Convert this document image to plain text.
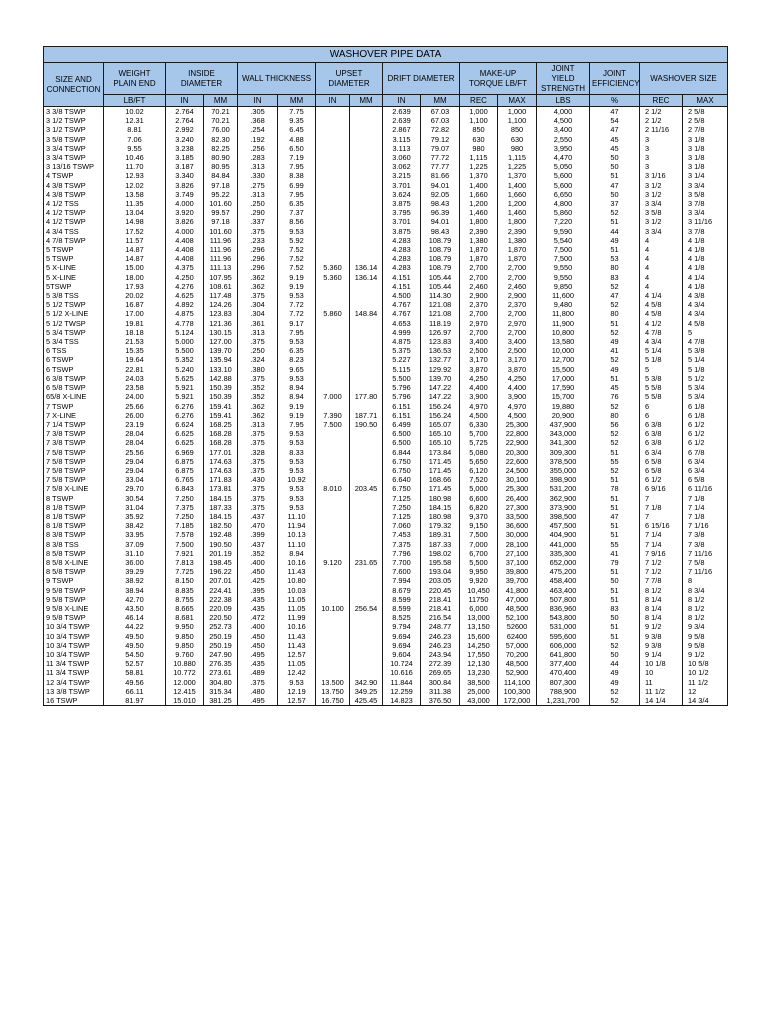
WASHOVER PIPE DATA															
SIZE AND CONNECTION	WEIGHT PLAIN END	INSIDE DIAMETER		WALL THICKNESS		UPSET DIAMETER		DRIFT DIAMETER		MAKE-UP TORQUE LB/FT		JOINT YIELD STRENGTH	JOINT EFFICIENCY	WASHOVER SIZE	
	LB/FT	IN	MM	IN	MM	IN	MM	IN	MM	REC	MAX	LBS	%	REC	MAX
3 3/8 TSWP	10.02	2.764	70.21	.305	7.75			2.639	67.03	1,000	1,000	4,000	47	2 1/2	2 5/8
3 1/2 TSWP	12.31	2.764	70.21	.368	9.35			2.639	67.03	1,100	1,100	4,500	54	2 1/2	2 5/8
3 1/2 TSWP	8.81	2.992	76.00	.254	6.45			2.867	72.82	850	850	3,400	47	2 11/16	2 7/8
3 5/8 TSWP	7.06	3.240	82.30	.192	4.88			3.115	79.12	630	630	2,550	45	3	3 1/8
3 3/4 TSWP	9.55	3.238	82.25	.256	6.50			3.113	79.07	980	980	3,950	45	3	3 1/8
3 3/4 TSWP	10.46	3.185	80.90	.283	7.19			3.060	77.72	1,115	1,115	4,470	50	3	3 1/8
3 13/16 TSWP	11.70	3.187	80.95	.313	7.95			3.062	77.77	1,225	1,225	5,050	50	3	3 1/8
4 TSWP	12.93	3.340	84.84	.330	8.38			3.215	81.66	1,370	1,370	5,600	51	3 1/16	3 1/4
4 3/8 TSWP	12.02	3.826	97.18	.275	6.99			3.701	94.01	1,400	1,400	5,600	47	3 1/2	3 3/4
4 3/8 TSWP	13.58	3.749	95.22	.313	7.95			3.624	92.05	1,660	1,660	6,650	50	3 1/2	3 5/8
4 1/2 TSS	11.35	4.000	101.60	.250	6.35			3.875	98.43	1,200	1,200	4,800	37	3 3/4	3 7/8
4 1/2 TSWP	13.04	3.920	99.57	.290	7.37			3.795	96.39	1,460	1,460	5,860	52	3 5/8	3 3/4
4 1/2 TSWP	14.98	3.826	97.18	.337	8.56			3.701	94.01	1,800	1,800	7,220	51	3 1/2	3 11/16
4 3/4 TSS	17.52	4.000	101.60	.375	9.53			3.875	98.43	2,390	2,390	9,590	44	3 3/4	3 7/8
4 7/8 TSWP	11.57	4.408	111.96	.233	5.92			4.283	108.79	1,380	1,380	5,540	49	4	4 1/8
5 TSWP	14.87	4.408	111.96	.296	7.52			4.283	108.79	1,870	1,870	7,500	51	4	4 1/8
5 TSWP	14.87	4.408	111.96	.296	7.52			4.283	108.79	1,870	1,870	7,500	53	4	4 1/8
5 X-LINE	15.00	4.375	111.13	.296	7.52	5.360	136.14	4.283	108.79	2,700	2,700	9,550	80	4	4 1/8
5 X-LINE	18.00	4.250	107.95	.362	9.19	5.360	136.14	4.151	105.44	2,700	2,700	9,550	83	4	4 1/4
5TSWP	17.93	4.276	108.61	.362	9.19			4.151	105.44	2,460	2,460	9,850	52	4	4 1/8
5 3/8 TSS	20.02	4.625	117.48	.375	9.53			4.500	114.30	2,900	2,900	11,600	47	4 1/4	4 3/8
5 1/2 TSWP	16.87	4.892	124.26	.304	7.72			4.767	121.08	2,370	2,370	9,480	52	4 5/8	4 3/4
5 1/2 X-LINE	17.00	4.875	123.83	.304	7.72	5.860	148.84	4.767	121.08	2,700	2,700	11,800	80	4 5/8	4 3/4
5 1/2 TWSP	19.81	4.778	121.36	.361	9.17			4.653	118.19	2,970	2,970	11,900	51	4 1/2	4 5/8
5 3/4 TSWP	18.18	5.124	130.15	.313	7.95			4.999	126.97	2,700	2,700	10,800	52	4 7/8	5
5 3/4 TSS	21.53	5.000	127.00	.375	9.53			4.875	123.83	3,400	3,400	13,580	49	4 3/4	4 7/8
6 TSS	15.35	5.500	139.70	.250	6.35			5.375	136.53	2,500	2,500	10,000	41	5 1/4	5 3/8
6 TSWP	19.64	5.352	135.94	.324	8.23			5.227	132.77	3,170	3,170	12,700	52	5 1/8	5 1/4
6 TSWP	22.81	5.240	133.10	.380	9.65			5.115	129.92	3,870	3,870	15,500	49	5	5 1/8
6 3/8 TSWP	24.03	5.625	142.88	.375	9.53			5.500	139.70	4,250	4,250	17,000	51	5 3/8	5 1/2
6 5/8 TSWP	23.58	5.921	150.39	.352	8.94			5.796	147.22	4,400	4,400	17,590	45	5 5/8	5 3/4
65/8 X-LINE	24.00	5.921	150.39	.352	8.94	7.000	177.80	5.796	147.22	3,900	3,900	15,700	76	5 5/8	5 3/4
7 TSWP	25.66	6.276	159.41	.362	9.19			6.151	156.24	4,970	4,970	19,880	52	6	6 1/8
7 X-LINE	26.00	6.276	159.41	.362	9.19	7.390	187.71	6.151	156.24	4,500	4,500	20,900	80	6	6 1/8
7 1/4 TSWP	23.19	6.624	168.25	.313	7.95	7.500	190.50	6.499	165.07	6,330	25,300	437,900	56	6 3/8	6 1/2
7 3/8 TSWP	28.04	6.625	168.28	.375	9.53			6.500	165.10	5,700	22,800	343,000	52	6 3/8	6 1/2
7 3/8 TSWP	28.04	6.625	168.28	.375	9.53			6.500	165.10	5,725	22,900	341,300	52	6 3/8	6 1/2
7 5/8 TSWP	25.56	6.969	177.01	.328	8.33			6.844	173.84	5,080	20,300	309,300	51	6 3/4	6 7/8
7 5/8 TSWP	29.04	6.875	174.63	.375	9.53			6.750	171.45	5,650	22,600	378,500	55	6 5/8	6 3/4
7 5/8 TSWP	29.04	6.875	174.63	.375	9.53			6.750	171.45	6,120	24,500	355,000	52	6 5/8	6 3/4
7 5/8 TSWP	33.04	6.765	171.83	.430	10.92			6.640	168.66	7,520	30,100	398,900	51	6 1/2	6 5/8
7 5/8 X-LINE	29.70	6.843	173.81	.375	9.53	8.010	203.45	6.750	171.45	5,000	25,300	531,200	78	6 9/16	6 11/16
8 TSWP	30.54	7.250	184.15	.375	9.53			7.125	180.98	6,600	26,400	362,900	51	7	7 1/8
8 1/8 TSWP	31.04	7.375	187.33	.375	9.53			7.250	184.15	6,820	27,300	373,900	51	7 1/8	7 1/4
8 1/8 TSWP	35.92	7.250	184.15	.437	11.10			7.125	180.98	9,370	33,500	398,500	47	7	7 1/8
8 1/8 TSWP	38.42	7.185	182.50	.470	11.94			7.060	179.32	9,150	36,600	457,500	51	6 15/16	7 1/16
8 3/8 TSWP	33.95	7.578	192.48	.399	10.13			7.453	189.31	7,500	30,000	404,900	51	7 1/4	7 3/8
8 3/8 TSS	37.09	7.500	190.50	.437	11.10			7.375	187.33	7,000	28,100	441,000	55	7 1/4	7 3/8
8 5/8 TSWP	31.10	7.921	201.19	.352	8.94			7.796	198.02	6,700	27,100	335,300	41	7 9/16	7 11/16
8 5/8 X-LINE	36.00	7.813	198.45	.400	10.16	9.120	231.65	7.700	195.58	5,500	37,100	652,000	79	7 1/2	7 5/8
8 5/8 TSWP	39.29	7.725	196.22	.450	11.43			7.600	193.04	9,950	39,800	475,200	51	7 1/2	7 11/16
9 TSWP	38.92	8.150	207.01	.425	10.80			7.994	203.05	9,920	39,700	458,400	50	7 7/8	8
9 5/8 TSWP	38.94	8.835	224.41	.395	10.03			8.679	220.45	10,450	41,800	463,400	51	8 1/2	8 3/4
9 5/8 TSWP	42.70	8.755	222.38	.435	11.05			8.599	218.41	11750	47,000	507,800	51	8 1/4	8 1/2
9 5/8 X-LINE	43.50	8.665	220.09	.435	11.05	10.100	256.54	8.599	218.41	6,000	48,500	836,960	83	8 1/4	8 1/2
9 5/8 TSWP	46.14	8.681	220.50	.472	11.99			8.525	216.54	13,000	52,100	543,800	50	8 1/4	8 1/2
10 3/4 TSWP	44.22	9.950	252.73	.400	10.16			9.794	248.77	13,150	52600	531,000	51	9 1/2	9 3/4
10 3/4 TSWP	49.50	9.850	250.19	.450	11.43			9.694	246.23	15,600	62400	595,600	51	9 3/8	9 5/8
10 3/4 TSWP	49.50	9.850	250.19	.450	11.43			9.694	246.23	14,250	57,000	606,000	52	9 3/8	9 5/8
10 3/4 TSWP	54.50	9.760	247.90	.495	12.57			9.604	243.94	17,550	70,200	641,800	50	9 1/4	9 1/2
11 3/4 TSWP	52.57	10.880	276.35	.435	11.05			10.724	272.39	12,130	48,500	377,400	44	10 1/8	10 5/8
11 3/4 TSWP	58.81	10.772	273.61	.489	12.42			10.616	269.65	13,230	52,900	470,400	49	10	10 1/2
12 3/4 TSWP	49.56	12.000	304.80	.375	9.53	13.500	342.90	11.844	300.84	38,500	114,100	807,300	49	11	11 1/2
13 3/8 TSWP	66.11	12.415	315.34	.480	12.19	13.750	349.25	12.259	311.38	25,000	100,300	788,900	52	11 1/2	12
16 TSWP	81.97	15.010	381.25	.495	12.57	16.750	425.45	14.823	376.50	43,000	172,000	1,231,700	52	14 1/4	14 3/4
